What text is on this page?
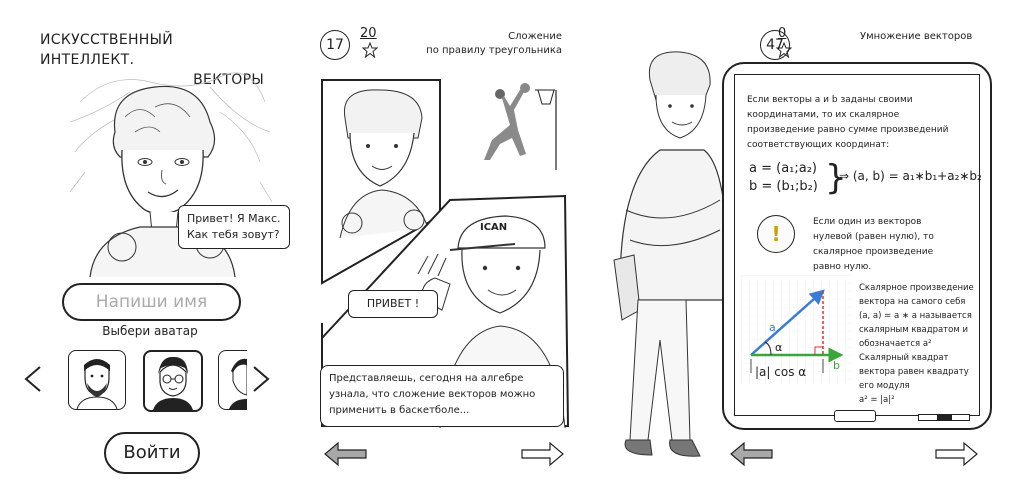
ИСКУССТВЕННЫЙ ИНТЕЛЛЕКТ.
ВЕКТОРЫ
Привет! Я Макс.
Как тебя зовут?
Напиши имя
Выбери аватар
Войти
17
20	Сложение
по правилу треугольника
ICAN
ПРИВЕТ !
Представляешь, сегодня на алгебре узнала, что сложение векторов можно применить в баскетболе...
47
0	Умножение векторов
Если векторы a и b заданы своими координатами, то их скалярное произведение равно сумме произведений соответствующих координат:
a = (a₁;a₂)
b = (b₁;b₂) }
⇒ (a, b) = a₁∗b₁+a₂∗b₂
!	Если один из векторов нулевой (равен нулю), то скалярное произведение равно нулю.
a
b
α
|a| cos α
Скалярное произведение вектора на самого себя
(a, a) = a ∗ a называется скалярным квадратом и обозначается a²
Скалярный квадрат вектора равен квадрату его модуля
a² = |a|²
